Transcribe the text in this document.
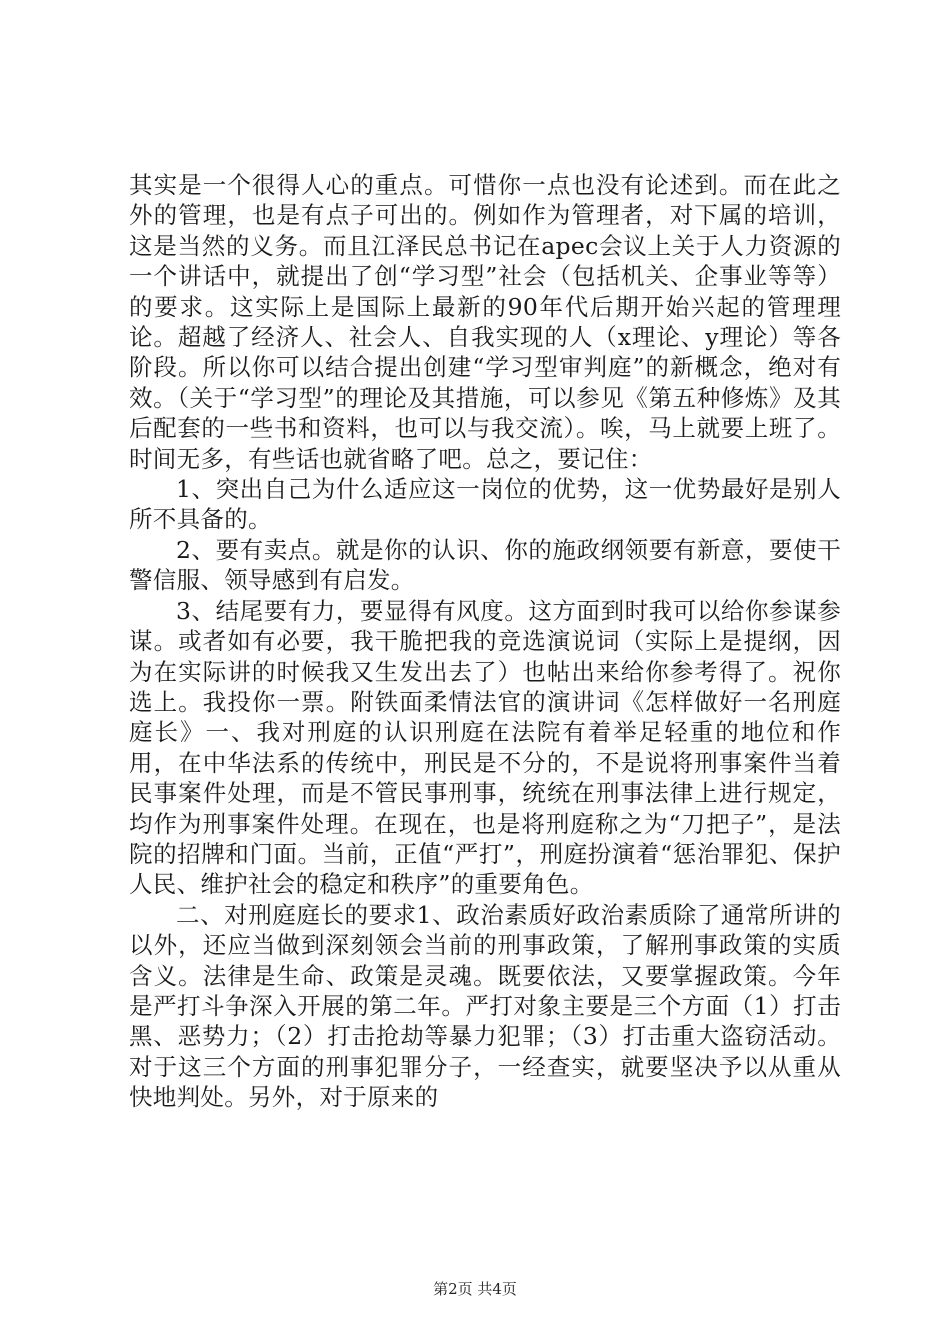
其实是一个很得人心的重点。可惜你一点也没有论述到。而在此之外的管理，也是有点子可出的。例如作为管理者，对下属的培训，这是当然的义务。而且江泽民总书记在apec会议上关于人力资源的一个讲话中，就提出了创“学习型”社会（包括机关、企事业等等）的要求。这实际上是国际上最新的90年代后期开始兴起的管理理论。超越了经济人、社会人、自我实现的人（x理论、y理论）等各阶段。所以你可以结合提出创建“学习型审判庭”的新概念，绝对有效。（关于“学习型”的理论及其措施，可以参见《第五种修炼》及其后配套的一些书和资料，也可以与我交流）。唉，马上就要上班了。时间无多，有些话也就省略了吧。总之，要记住：

1、突出自己为什么适应这一岗位的优势，这一优势最好是别人所不具备的。

2、要有卖点。就是你的认识、你的施政纲领要有新意，要使干警信服、领导感到有启发。

3、结尾要有力，要显得有风度。这方面到时我可以给你参谋参谋。或者如有必要，我干脆把我的竞选演说词（实际上是提纲，因为在实际讲的时候我又生发出去了）也帖出来给你参考得了。祝你选上。我投你一票。附铁面柔情法官的演讲词《怎样做好一名刑庭庭长》一、我对刑庭的认识刑庭在法院有着举足轻重的地位和作用，在中华法系的传统中，刑民是不分的，不是说将刑事案件当着民事案件处理，而是不管民事刑事，统统在刑事法律上进行规定，均作为刑事案件处理。在现在，也是将刑庭称之为“刀把子”，是法院的招牌和门面。当前，正值“严打”，刑庭扮演着“惩治罪犯、保护人民、维护社会的稳定和秩序”的重要角色。

二、对刑庭庭长的要求1、政治素质好政治素质除了通常所讲的以外，还应当做到深刻领会当前的刑事政策，了解刑事政策的实质含义。法律是生命、政策是灵魂。既要依法，又要掌握政策。今年是严打斗争深入开展的第二年。严打对象主要是三个方面（1）打击黑、恶势力；（2）打击抢劫等暴力犯罪；（3）打击重大盗窃活动。对于这三个方面的刑事犯罪分子，一经查实，就要坚决予以从重从快地判处。另外，对于原来的

第2页 共4页
